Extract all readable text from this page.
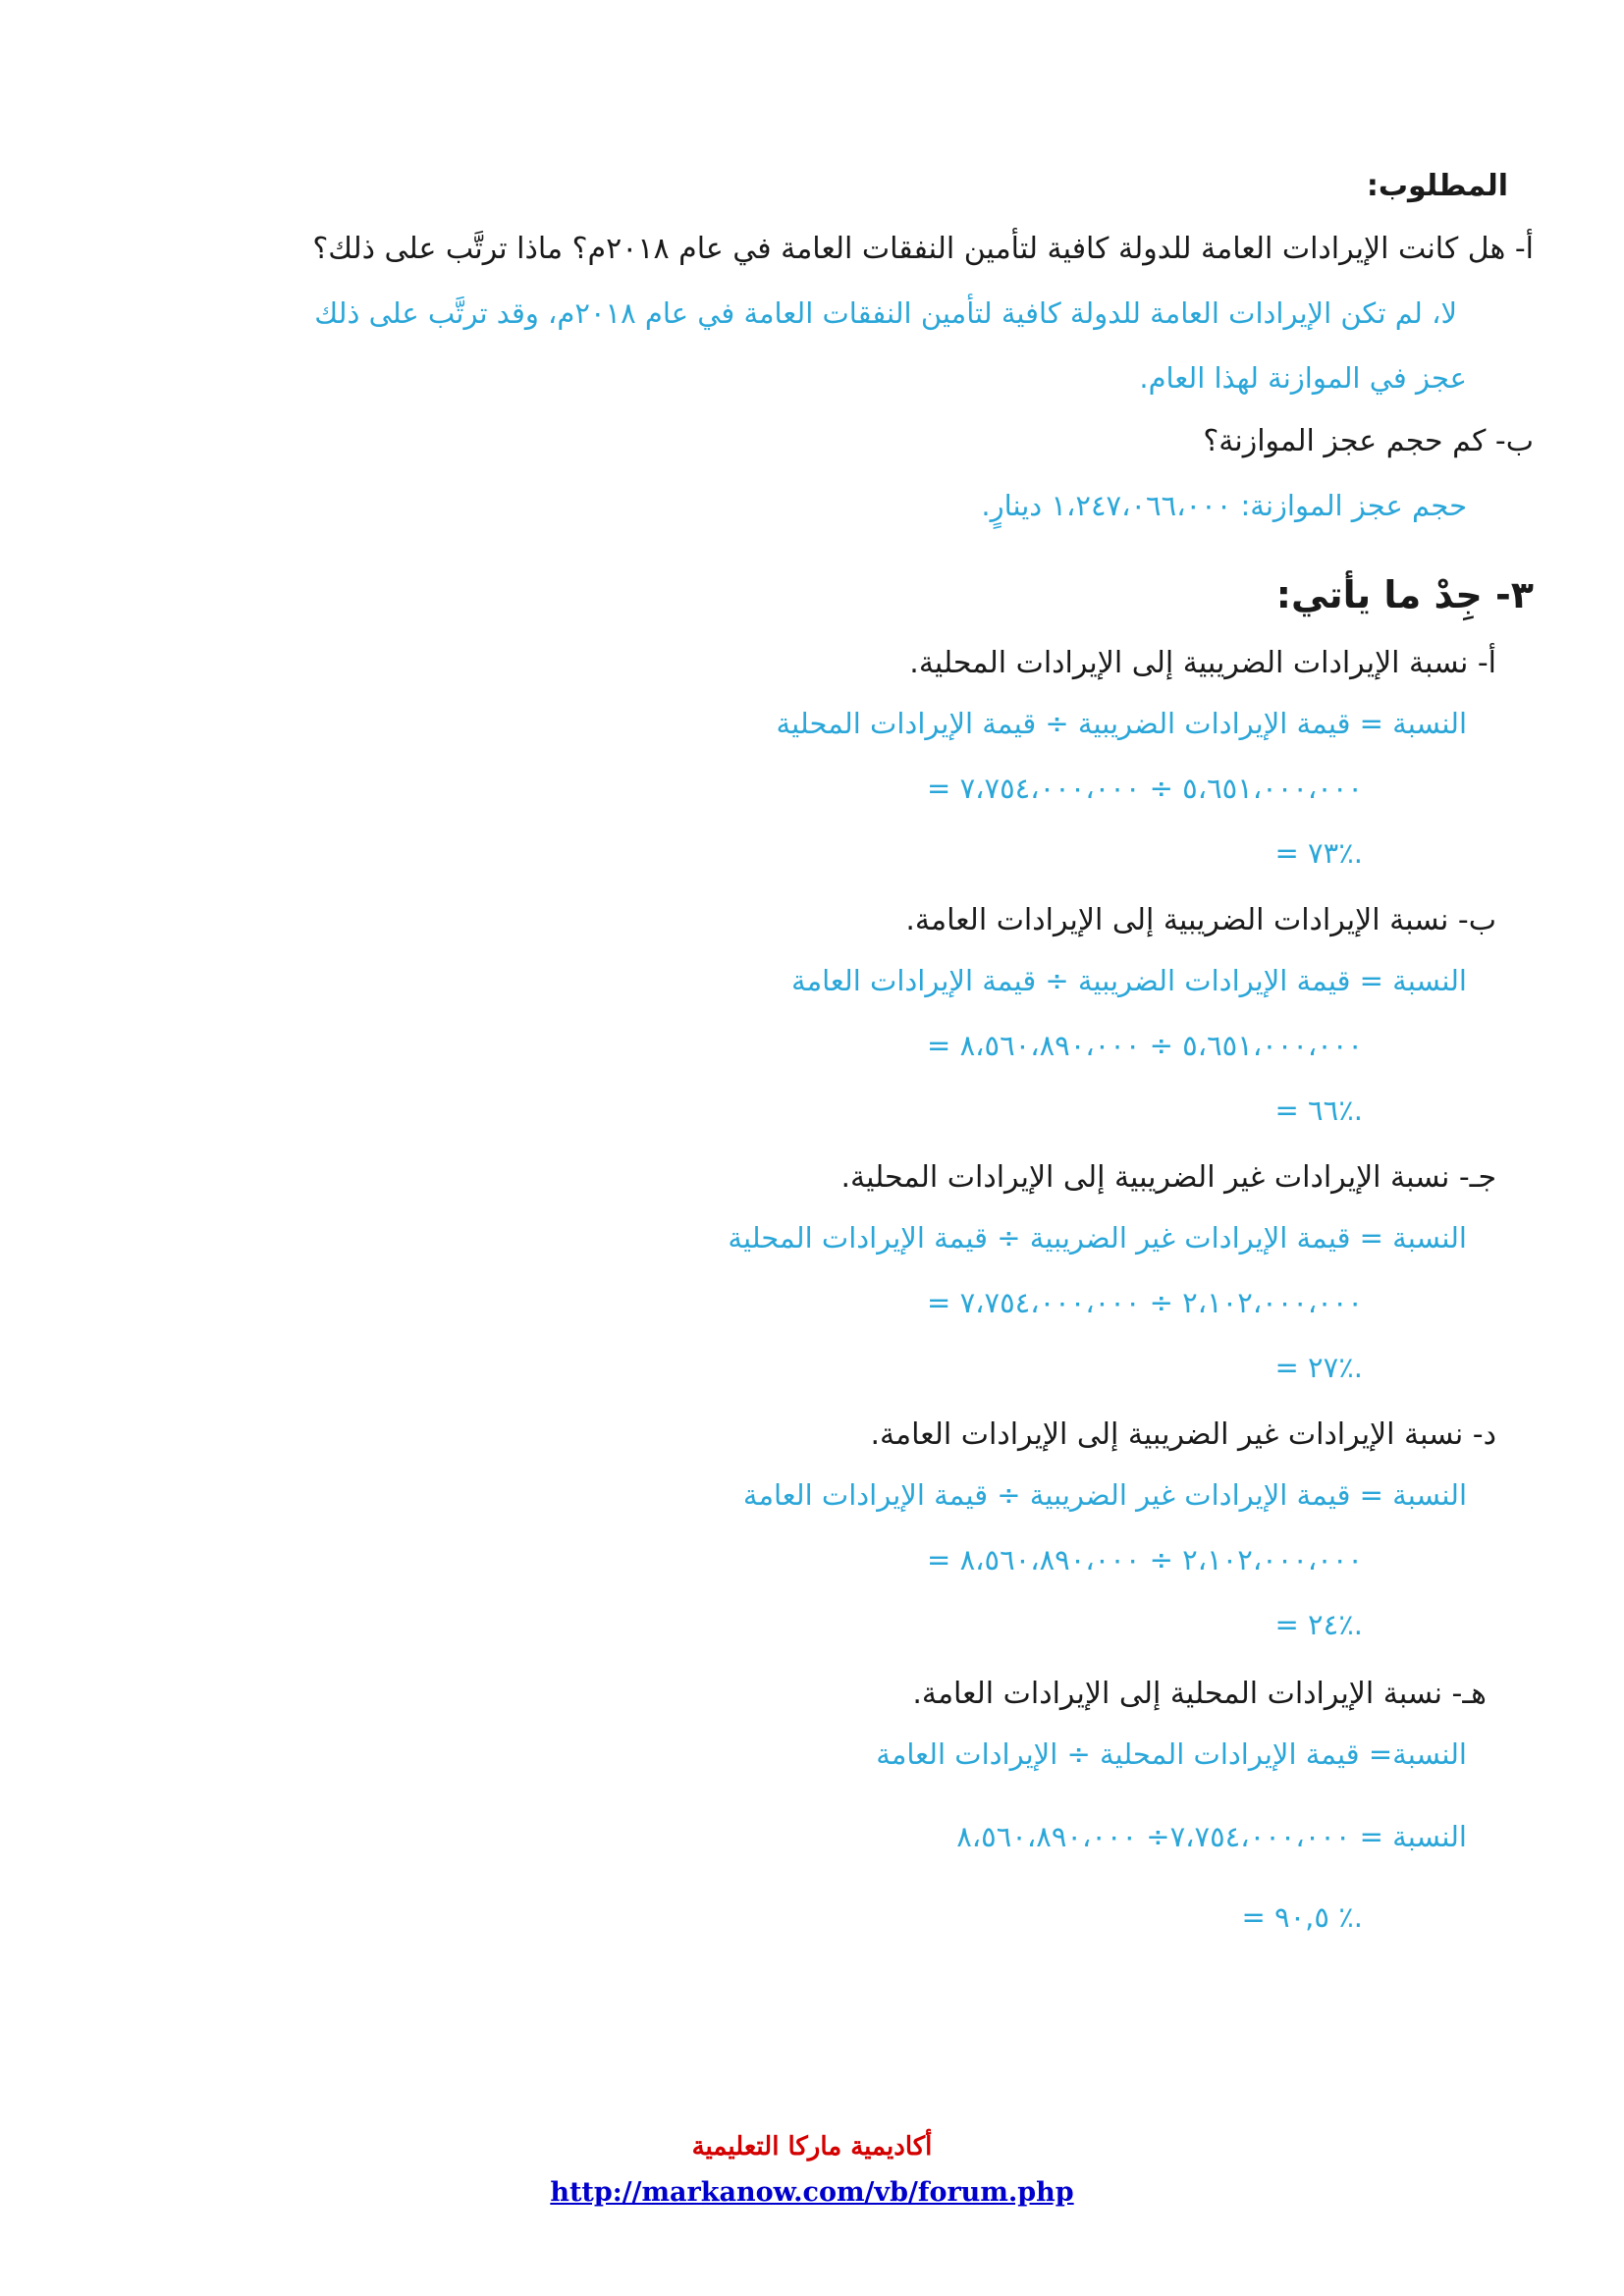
المطلوب:
أ- هل كانت الإيرادات العامة للدولة كافية لتأمين النفقات العامة في عام ٢٠١٨م؟ ماذا ترتَّب على ذلك؟
لا، لم تكن الإيرادات العامة للدولة كافية لتأمين النفقات العامة في عام ٢٠١٨م، وقد ترتَّب على ذلك
عجز في الموازنة لهذا العام.
ب- كم حجم عجز الموازنة؟
حجم عجز الموازنة: ١،٢٤٧،٠٦٦،٠٠٠ دينارٍ.
٣- جِدْ ما يأتي:
أ- نسبة الإيرادات الضريبية إلى الإيرادات المحلية.
النسبة = قيمة الإيرادات الضريبية ÷ قيمة الإيرادات المحلية
= ٥،٦٥١،٠٠٠،٠٠٠ ÷ ٧،٧٥٤،٠٠٠،٠٠٠
= ٧٣٪.
ب- نسبة الإيرادات الضريبية إلى الإيرادات العامة.
النسبة = قيمة الإيرادات الضريبية ÷ قيمة الإيرادات العامة
= ٥،٦٥١،٠٠٠،٠٠٠ ÷ ٨،٥٦٠،٨٩٠،٠٠٠
= ٦٦٪.
جـ- نسبة الإيرادات غير الضريبية إلى الإيرادات المحلية.
النسبة = قيمة الإيرادات غير الضريبية ÷ قيمة الإيرادات المحلية
= ٢،١٠٢،٠٠٠،٠٠٠ ÷ ٧،٧٥٤،٠٠٠،٠٠٠
= ٢٧٪.
د- نسبة الإيرادات غير الضريبية إلى الإيرادات العامة.
النسبة = قيمة الإيرادات غير الضريبية ÷ قيمة الإيرادات العامة
= ٢،١٠٢،٠٠٠،٠٠٠ ÷ ٨،٥٦٠،٨٩٠،٠٠٠
= ٢٤٪.
هـ- نسبة الإيرادات المحلية إلى الإيرادات العامة.
النسبة= قيمة الإيرادات المحلية ÷ الإيرادات العامة
النسبة = ٧،٧٥٤،٠٠٠،٠٠٠÷ ٨،٥٦٠،٨٩٠،٠٠٠
= ٩٠,٥ ٪.
أكاديمية ماركا التعليمية
http://markanow.com/vb/forum.php
